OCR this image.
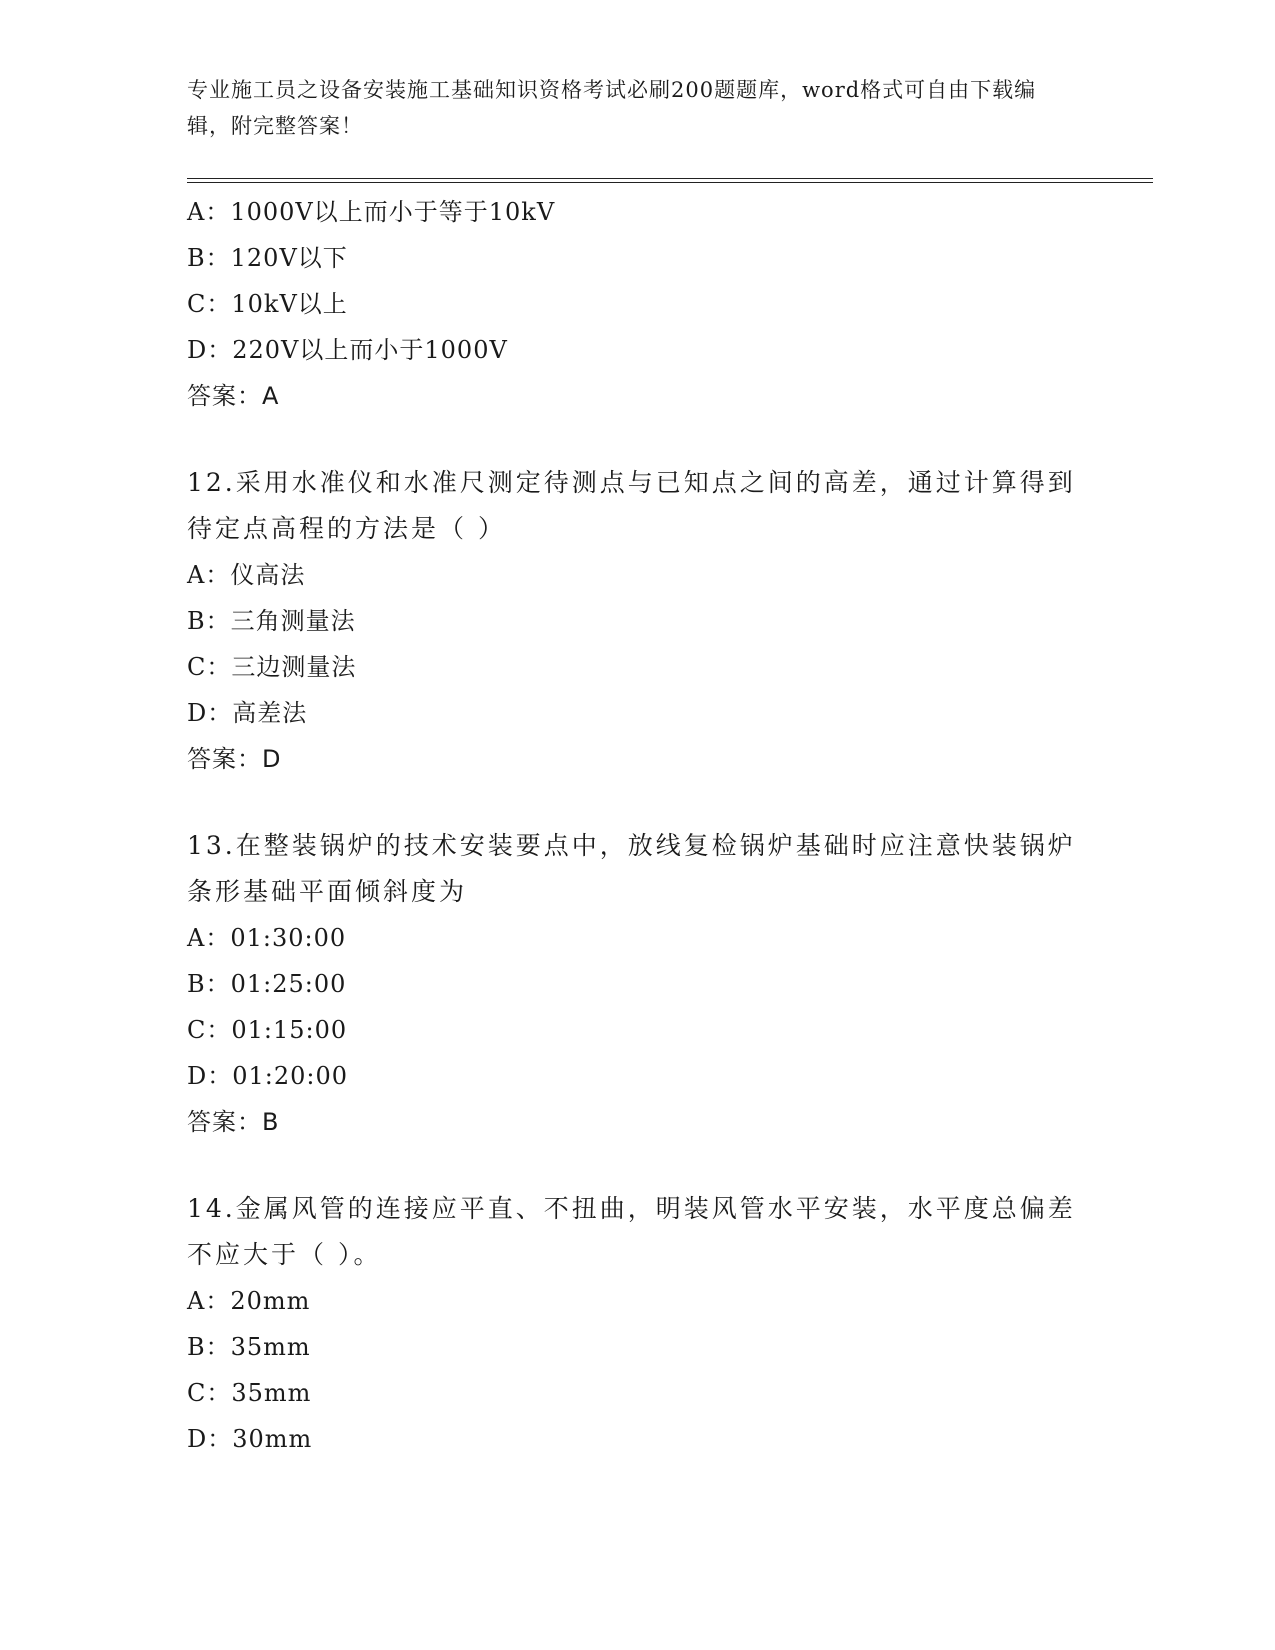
专业施工员之设备安装施工基础知识资格考试必刷200题题库，word格式可自由下载编辑，附完整答案！
A：1000V以上而小于等于10kV
B：120V以下
C：10kV以上
D：220V以上而小于1000V
答案：A
12.采用水准仪和水准尺测定待测点与已知点之间的高差，通过计算得到待定点高程的方法是（ ）
A：仪高法
B：三角测量法
C：三边测量法
D：高差法
答案：D
13.在整装锅炉的技术安装要点中，放线复检锅炉基础时应注意快装锅炉条形基础平面倾斜度为
A：01:30:00
B：01:25:00
C：01:15:00
D：01:20:00
答案：B
14.金属风管的连接应平直、不扭曲，明装风管水平安装，水平度总偏差不应大于（ ）。
A：20mm
B：35mm
C：35mm
D：30mm
